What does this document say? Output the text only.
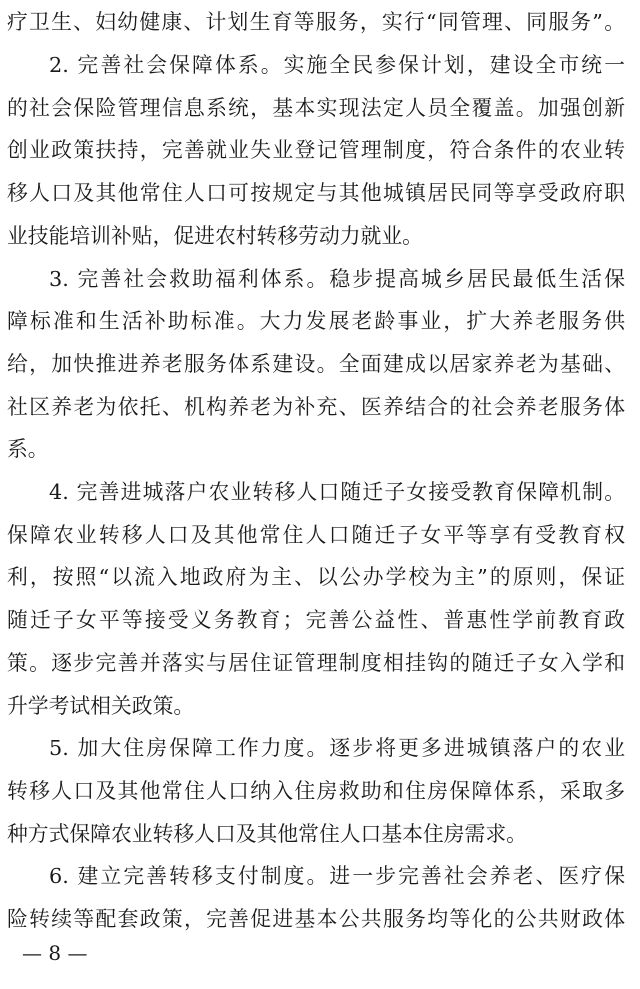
疗卫生、妇幼健康、计划生育等服务，实行“同管理、同服务”。
2. 完善社会保障体系。实施全民参保计划，建设全市统一
的社会保险管理信息系统，基本实现法定人员全覆盖。加强创新
创业政策扶持，完善就业失业登记管理制度，符合条件的农业转
移人口及其他常住人口可按规定与其他城镇居民同等享受政府职
业技能培训补贴，促进农村转移劳动力就业。
3. 完善社会救助福利体系。稳步提高城乡居民最低生活保
障标准和生活补助标准。大力发展老龄事业，扩大养老服务供
给，加快推进养老服务体系建设。全面建成以居家养老为基础、
社区养老为依托、机构养老为补充、医养结合的社会养老服务体
系。
4. 完善进城落户农业转移人口随迁子女接受教育保障机制。
保障农业转移人口及其他常住人口随迁子女平等享有受教育权
利，按照“以流入地政府为主、以公办学校为主”的原则，保证
随迁子女平等接受义务教育；完善公益性、普惠性学前教育政
策。逐步完善并落实与居住证管理制度相挂钩的随迁子女入学和
升学考试相关政策。
5. 加大住房保障工作力度。逐步将更多进城镇落户的农业
转移人口及其他常住人口纳入住房救助和住房保障体系，采取多
种方式保障农业转移人口及其他常住人口基本住房需求。
6. 建立完善转移支付制度。进一步完善社会养老、医疗保
险转续等配套政策，完善促进基本公共服务均等化的公共财政体
— 8 —
